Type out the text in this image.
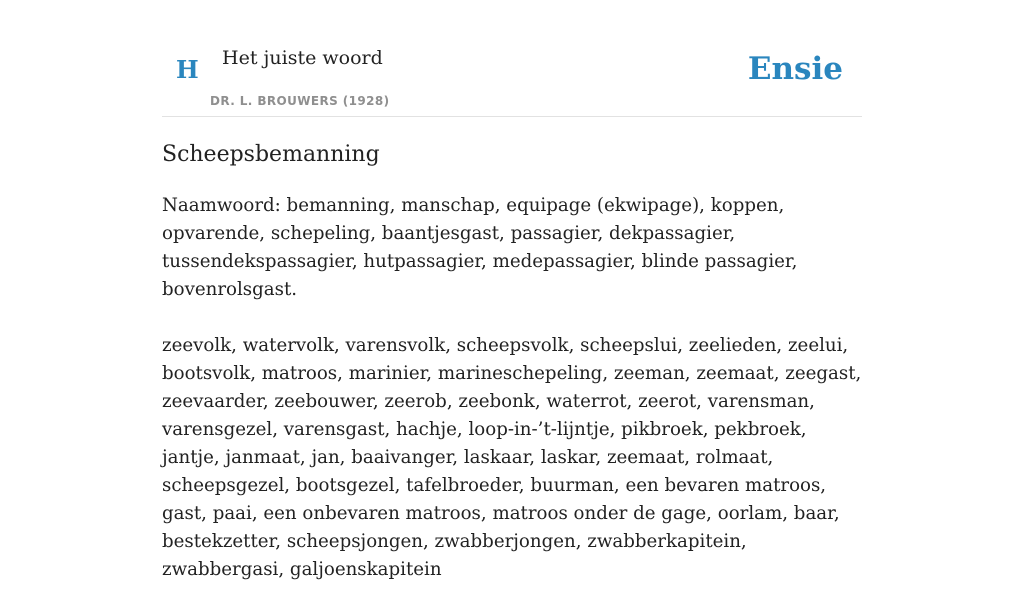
H Het juiste woord
DR. L. BROUWERS (1928)
Ensie
Scheepsbemanning

Naamwoord: bemanning, manschap, equipage (ekwipage), koppen, opvarende, schepeling, baantjesgast, passagier, dekpassagier, tussendekspassagier, hutpassagier, medepassagier, blinde passagier, bovenrolsgast.

zeevolk, watervolk, varensvolk, scheepsvolk, scheepslui, zeelieden, zeelui, bootsvolk, matroos, marinier, marineschepeling, zeeman, zeemaat, zeegast, zeevaarder, zeebouwer, zeerob, zeebonk, waterrot, zeerot, varensman, varensgezel, varensgast, hachje, loop-in-’t-lijntje, pikbroek, pekbroek, jantje, janmaat, jan, baaivanger, laskaar, laskar, zeemaat, rolmaat, scheepsgezel, bootsgezel, tafelbroeder, buurman, een bevaren matroos, gast, paai, een onbevaren matroos, matroos onder de gage, oorlam, baar, bestekzetter, scheepsjongen, zwabberjongen, zwabberkapitein, zwabbergasi, galjoenskapitein
